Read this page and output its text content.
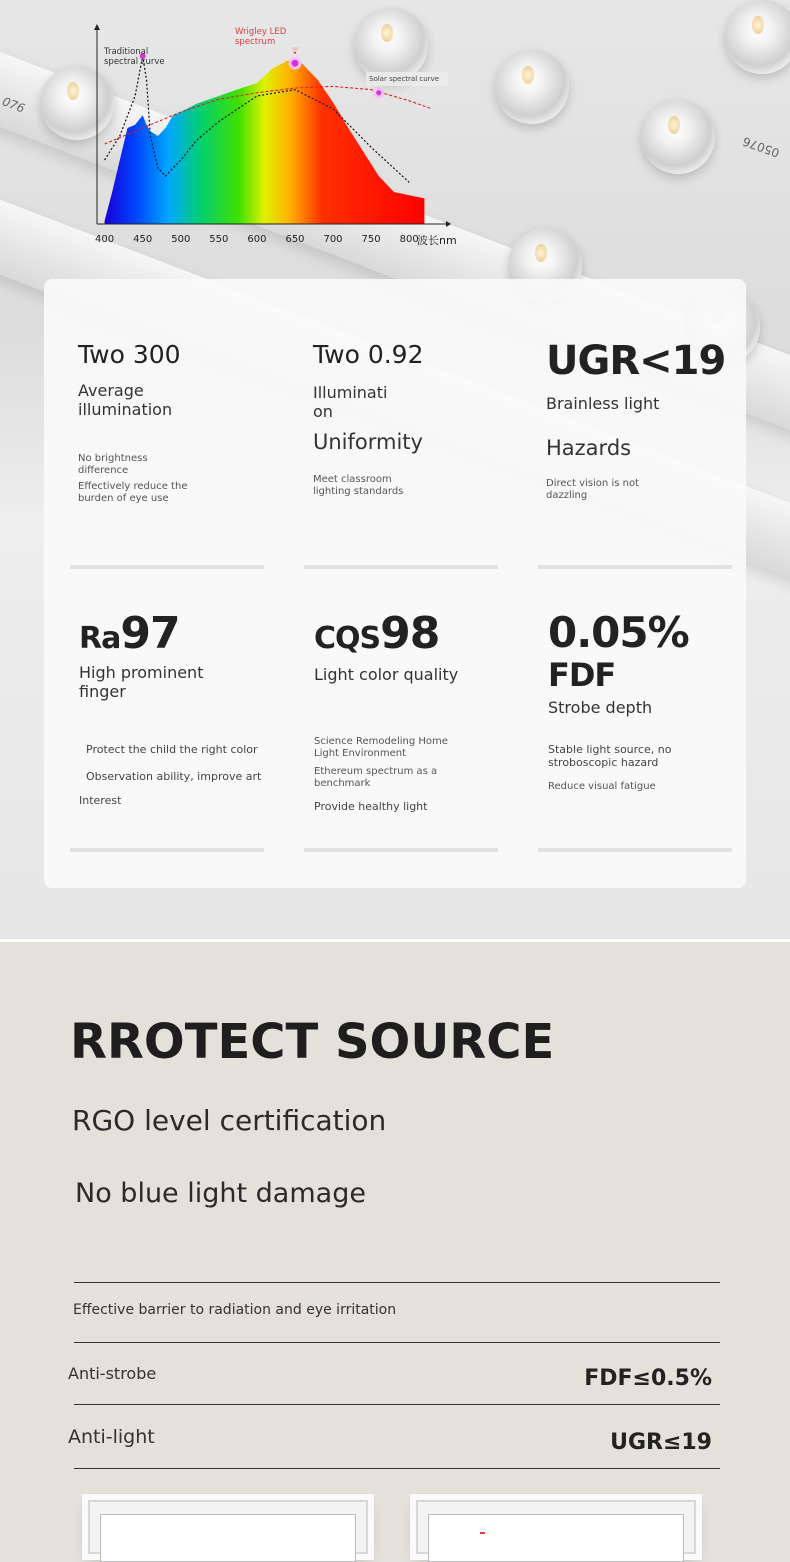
076
05076
Traditional spectral curve
Wrigley LED spectrum
Solar spectral curve
400 450 500 550 600 650 700 750 800
波长nm
Two 300
Average illumination
No brightness difference
Effectively reduce the burden of eye use
Two 0.92
Illuminati on
Uniformity
Meet classroom lighting standards
UGR<19
Brainless light
Hazards
Direct vision is not dazzling
Ra97
High prominent finger
Protect the child the right color
Observation ability, improve art
Interest
CQS98
Light color quality
Science Remodeling Home Light Environment
Ethereum spectrum as a benchmark
Provide healthy light
0.05%
FDF
Strobe depth
Stable light source, no stroboscopic hazard
Reduce visual fatigue
RROTECT SOURCE
RGO level certification
No blue light damage
Effective barrier to radiation and eye irritation
Anti-strobe	FDF≤0.5%
Anti-light	UGR≤19
